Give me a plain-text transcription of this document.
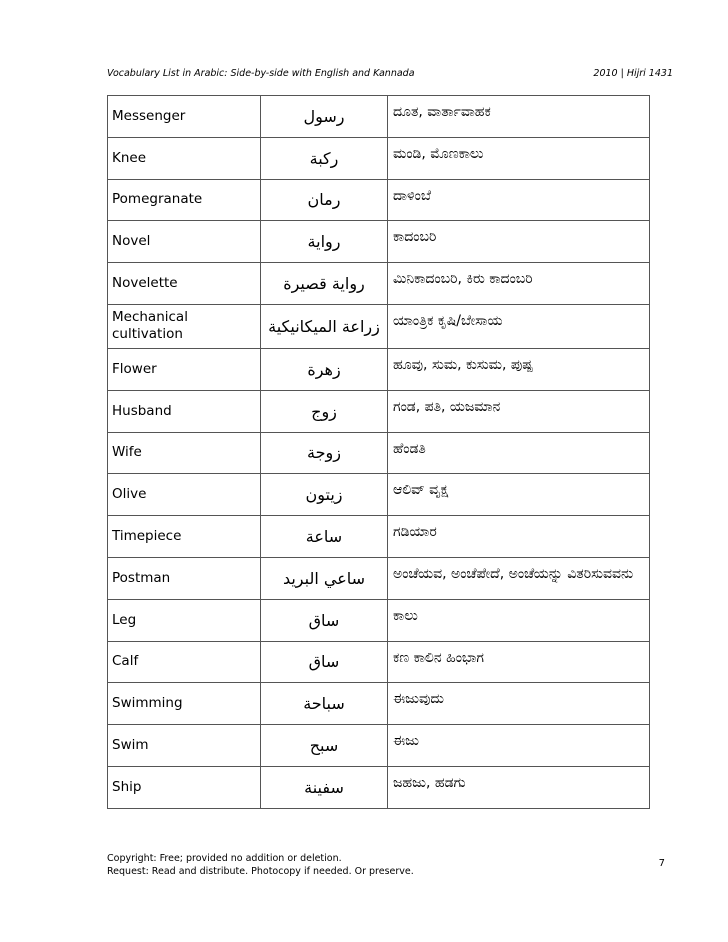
Vocabulary List in Arabic: Side-by-side with English and Kannada	2010 | Hijri 1431
Messenger	رسول	ದೂತ, ವಾರ್ತಾವಾಹಕ
Knee	ركبة	ಮಂಡಿ, ಮೊಣಕಾಲು
Pomegranate	رمان	ದಾಳಿಂಬೆ
Novel	رواية	ಕಾದಂಬರಿ
Novelette	رواية قصيرة	ಮಿನಿಕಾದಂಬರಿ, ಕಿರು ಕಾದಂಬರಿ
Mechanical cultivation	زراعة الميكانيكية	ಯಾಂತ್ರಿಕ ಕೃಷಿ/ಬೇಸಾಯ
Flower	زهرة	ಹೂವು, ಸುಮ, ಕುಸುಮ, ಪುಷ್ಪ
Husband	زوج	ಗಂಡ, ಪತಿ, ಯಜಮಾನ
Wife	زوجة	ಹೆಂಡತಿ
Olive	زيتون	ಆಲಿವ್ ವೃಕ್ಷ
Timepiece	ساعة	ಗಡಿಯಾರ
Postman	ساعي البريد	ಅಂಚೆಯವ, ಅಂಚೆಪೇದೆ, ಅಂಚೆಯನ್ನು ವಿತರಿಸುವವನು
Leg	ساق	ಕಾಲು
Calf	ساق	ಕಣ ಕಾಲಿನ ಹಿಂಭಾಗ
Swimming	سباحة	ಈಜುವುದು
Swim	سبح	ಈಜು
Ship	سفينة	ಜಹಜು, ಹಡಗು
Copyright: Free; provided no addition or deletion.
Request: Read and distribute. Photocopy if needed. Or preserve.
7
